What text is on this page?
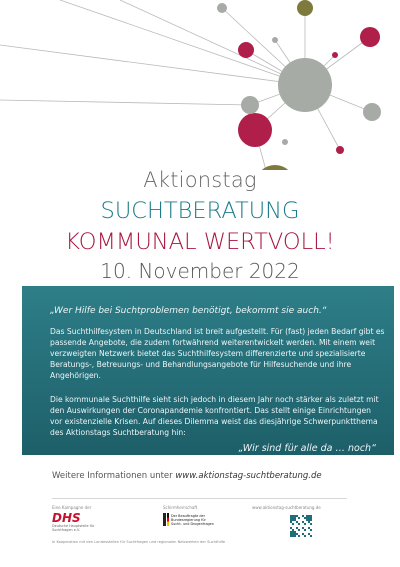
Aktionstag
SUCHTBERATUNG
KOMMUNAL WERTVOLL!
10. November 2022
„Wer Hilfe bei Suchtproblemen benötigt, bekommt sie auch.“
Das Suchthilfesystem in Deutschland ist breit aufgestellt. Für (fast) jeden Bedarf gibt es passende Angebote, die zudem fortwährend weiterentwickelt werden. Mit einem weit verzweigten Netzwerk bietet das Suchthilfesystem differenzierte und spezialisierte Beratungs-, Betreuungs- und Behandlungsangebote für Hilfesuchende und ihre Angehörigen.
Die kommunale Suchthilfe sieht sich jedoch in diesem Jahr noch stärker als zuletzt mit den Auswirkungen der Coronapandemie konfrontiert. Das stellt einige Einrichtungen vor existenzielle Krisen. Auf dieses Dilemma weist das diesjährige Schwerpunktthema des Aktionstags Suchtberatung hin:
„Wir sind für alle da … noch“
Weitere Informationen unter www.aktionstag-suchtberatung.de
Eine Kampagne der	Schirmherrschaft	www.aktionstag-suchtberatung.de
DHS
Deutsche Hauptstelle für Suchtfragen e.V.
Der Beauftragte der Bundesregierung für Sucht- und Drogenfragen
In Kooperation mit den Landesstellen für Suchtfragen und regionalen Netzwerken der Suchthilfe
